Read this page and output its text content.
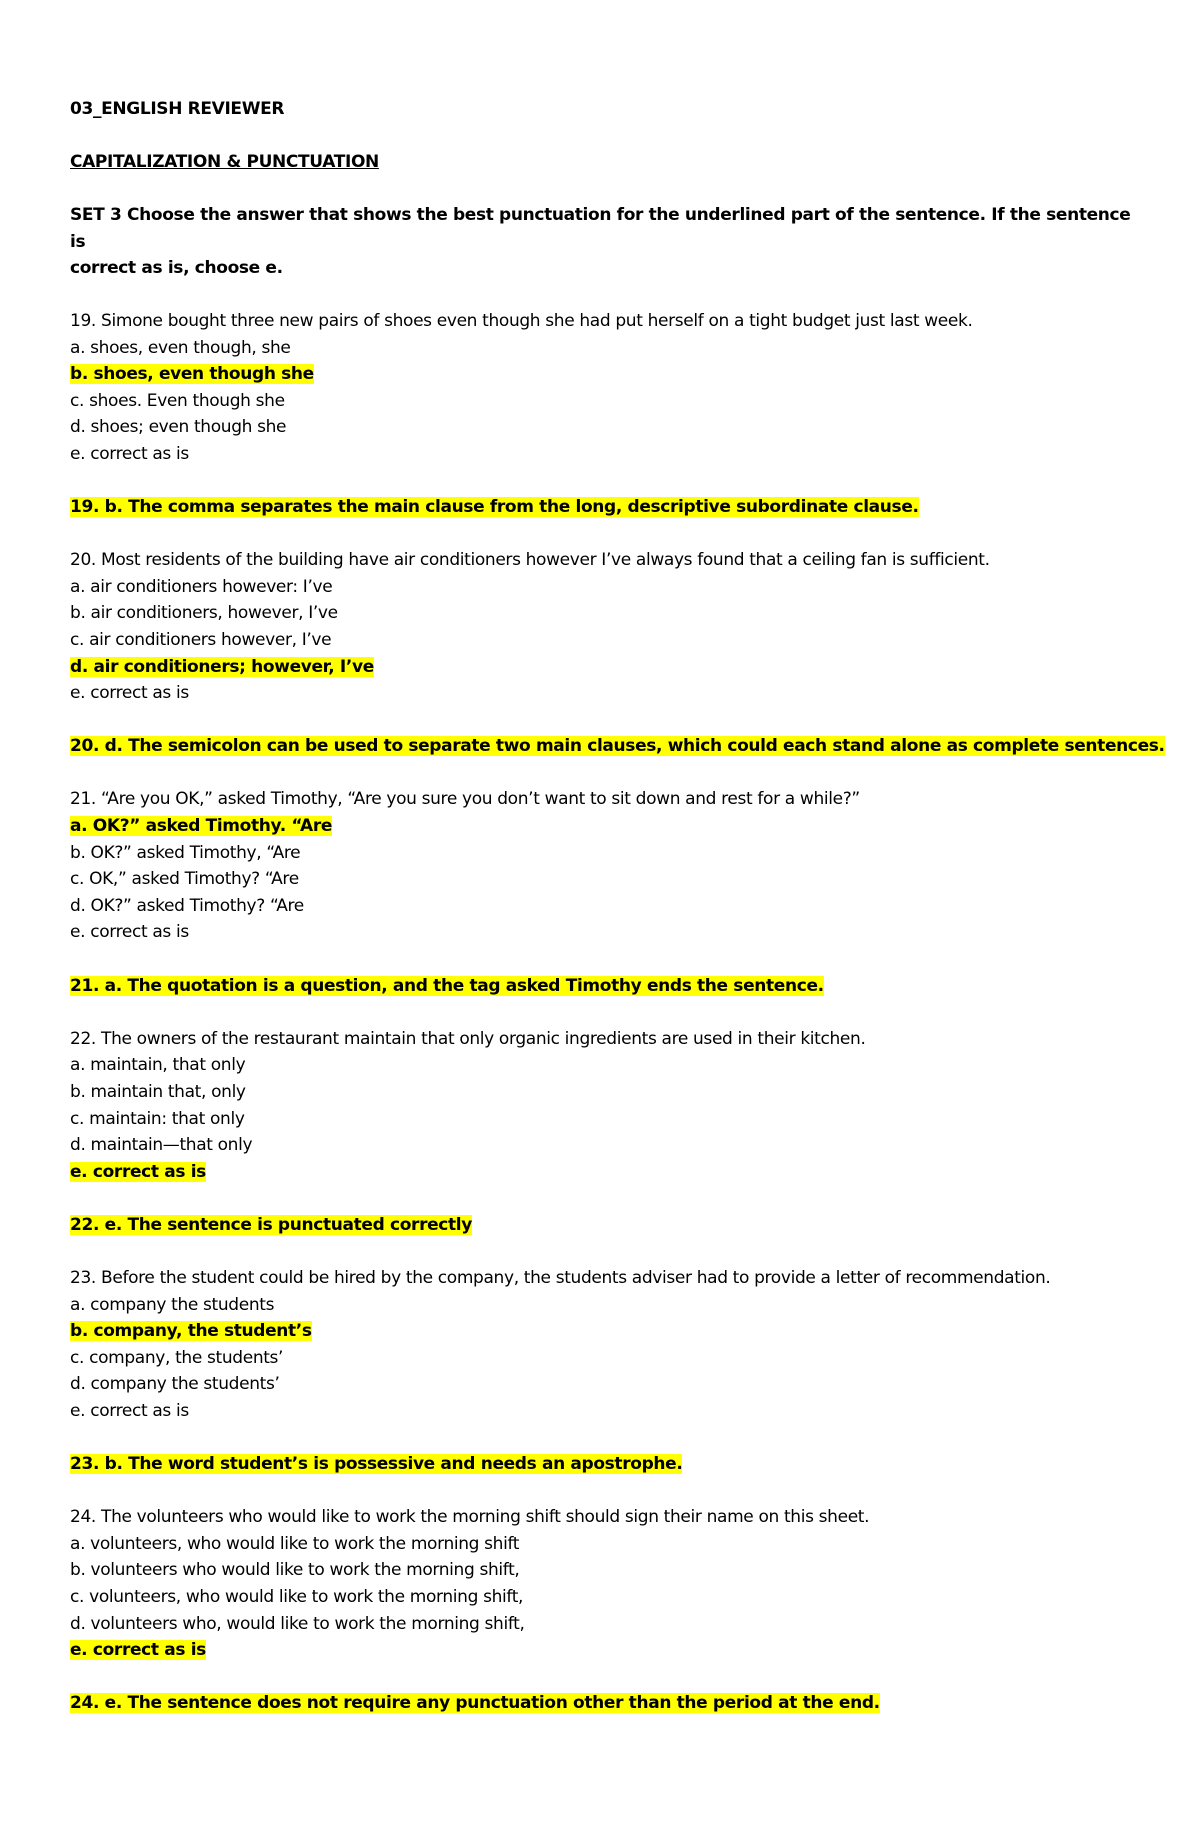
03_ENGLISH REVIEWER

CAPITALIZATION & PUNCTUATION

SET 3 Choose the answer that shows the best punctuation for the underlined part of the sentence. If the sentence is
correct as is, choose e.

19. Simone bought three new pairs of shoes even though she had put herself on a tight budget just last week.

a. shoes, even though, she
b. shoes, even though she
c. shoes. Even though she
d. shoes; even though she
e. correct as is
19. b. The comma separates the main clause from the long, descriptive subordinate clause.

20. Most residents of the building have air conditioners however I’ve always found that a ceiling fan is sufficient.

a. air conditioners however: I’ve
b. air conditioners, however, I’ve
c. air conditioners however, I’ve
d. air conditioners; however, I’ve
e. correct as is
20. d. The semicolon can be used to separate two main clauses, which could each stand alone as complete sentences.

21. “Are you OK,” asked Timothy, “Are you sure you don’t want to sit down and rest for a while?”

a. OK?” asked Timothy. “Are
b. OK?” asked Timothy, “Are
c. OK,” asked Timothy? “Are
d. OK?” asked Timothy? “Are
e. correct as is
21. a. The quotation is a question, and the tag asked Timothy ends the sentence.

22. The owners of the restaurant maintain that only organic ingredients are used in their kitchen.

a. maintain, that only
b. maintain that, only
c. maintain: that only
d. maintain—that only
e. correct as is
22. e. The sentence is punctuated correctly

23. Before the student could be hired by the company, the students adviser had to provide a letter of recommendation.

a. company the students
b. company, the student’s
c. company, the students’
d. company the students’
e. correct as is
23. b. The word student’s is possessive and needs an apostrophe.

24. The volunteers who would like to work the morning shift should sign their name on this sheet.

a. volunteers, who would like to work the morning shift
b. volunteers who would like to work the morning shift,
c. volunteers, who would like to work the morning shift,
d. volunteers who, would like to work the morning shift,
e. correct as is
24. e. The sentence does not require any punctuation other than the period at the end.
